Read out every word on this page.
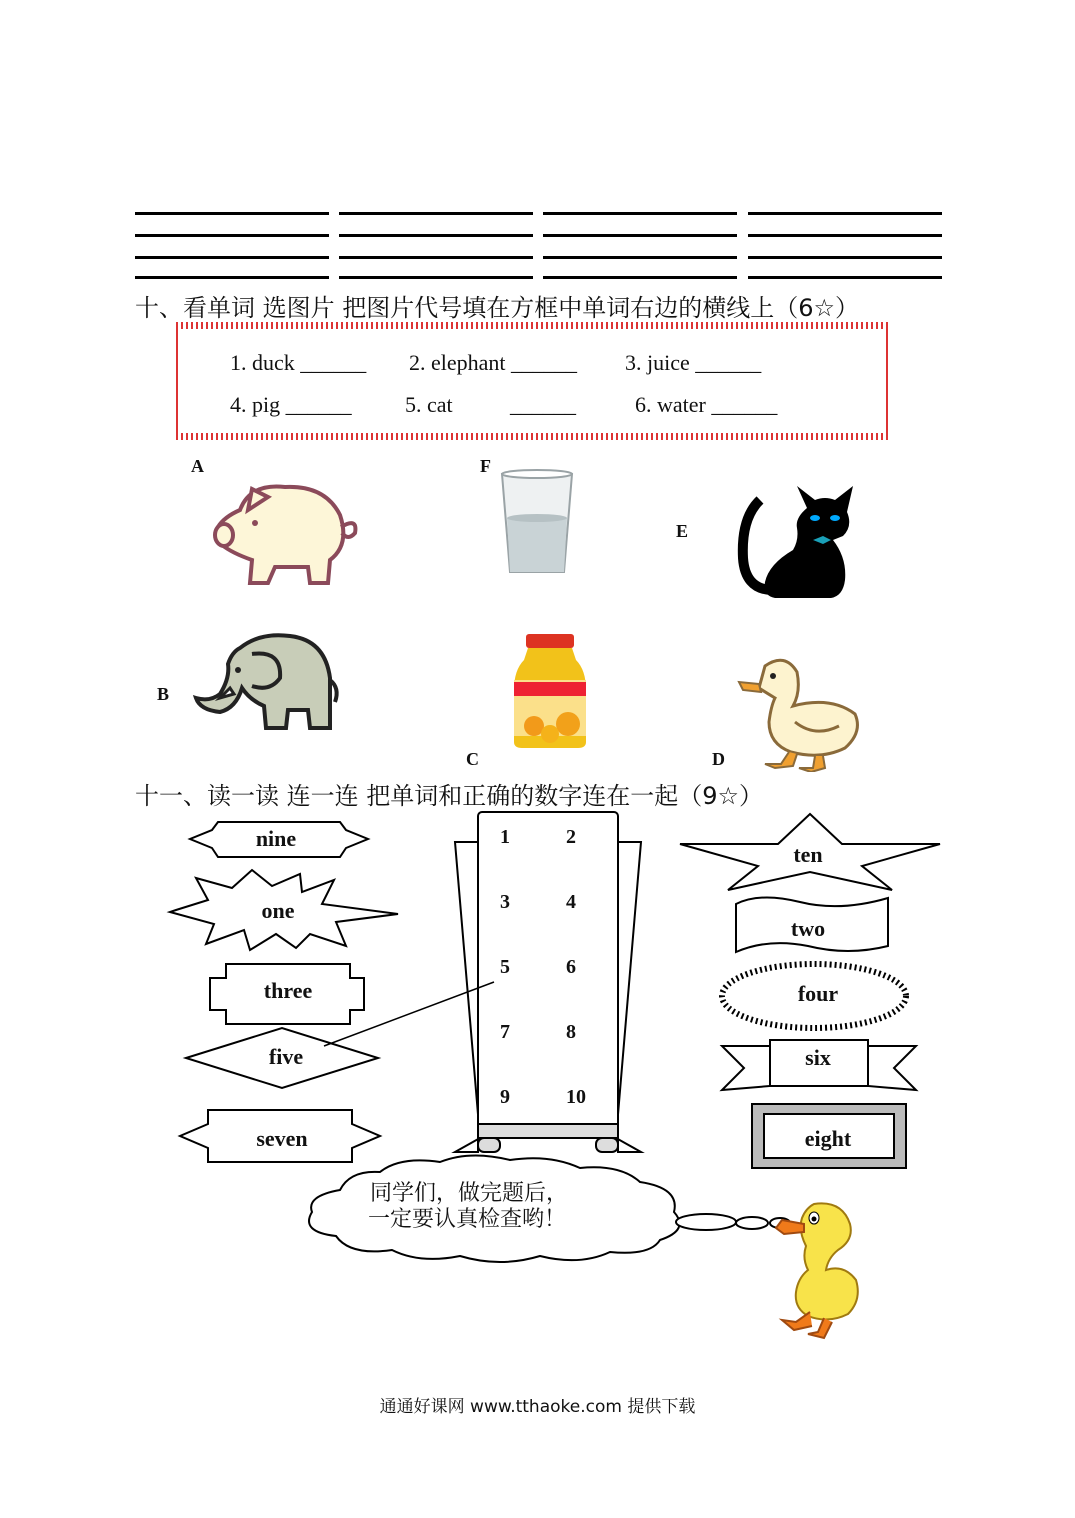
十、看单词 选图片 把图片代号填在方框中单词右边的横线上（6☆）
1. duck ______ 2. elephant ______ 3. juice ______
4. pig ______ 5. cat	______	6. water ______
A	F
E
B
C	D
十一、读一读 连一连 把单词和正确的数字连在一起（9☆）
nine
one
three
five
seven
1	2
3	4
5	6
7	8
9	10
ten
two
four
six
eight
同学们，做完题后，
一定要认真检查哟！
通通好课网 www.tthaoke.com 提供下载
